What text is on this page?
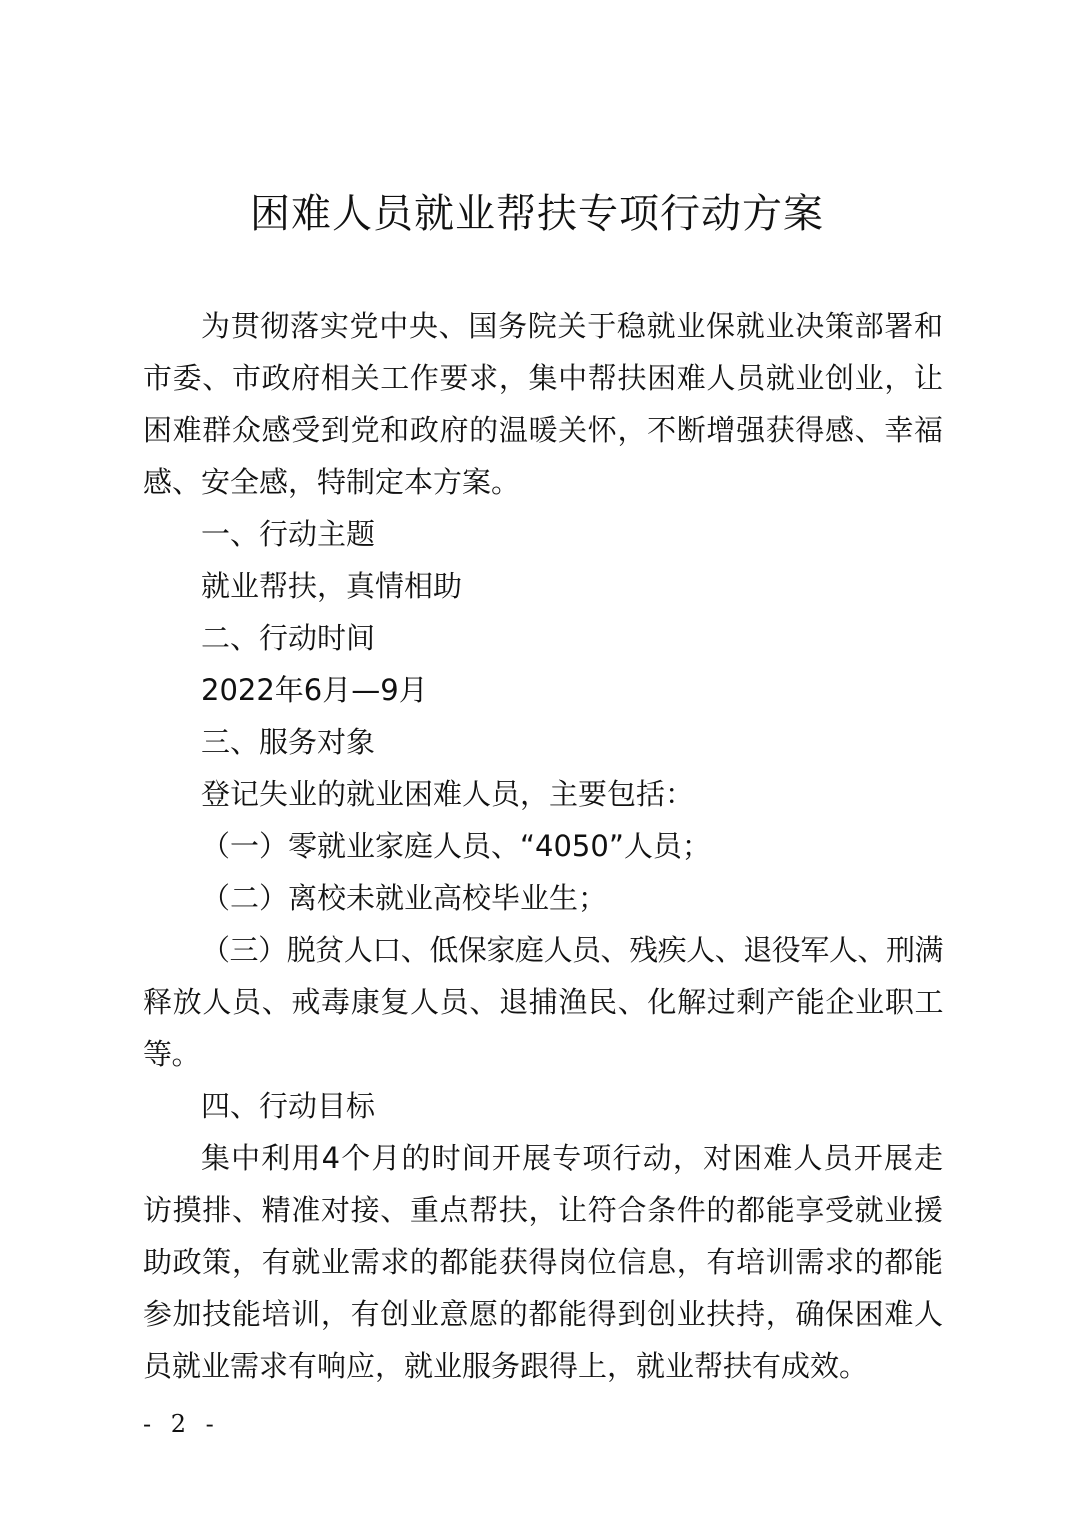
困难人员就业帮扶专项行动方案

为贯彻落实党中央、国务院关于稳就业保就业决策部署和市委、市政府相关工作要求，集中帮扶困难人员就业创业，让困难群众感受到党和政府的温暖关怀，不断增强获得感、幸福感、安全感，特制定本方案。

一、行动主题

就业帮扶，真情相助

二、行动时间

2022年6月—9月

三、服务对象

登记失业的就业困难人员，主要包括：

（一）零就业家庭人员、“4050”人员；

（二）离校未就业高校毕业生；

（三）脱贫人口、低保家庭人员、残疾人、退役军人、刑满释放人员、戒毒康复人员、退捕渔民、化解过剩产能企业职工等。

四、行动目标

集中利用4个月的时间开展专项行动，对困难人员开展走访摸排、精准对接、重点帮扶，让符合条件的都能享受就业援助政策，有就业需求的都能获得岗位信息，有培训需求的都能参加技能培训，有创业意愿的都能得到创业扶持，确保困难人员就业需求有响应，就业服务跟得上，就业帮扶有成效。

- 2 -
